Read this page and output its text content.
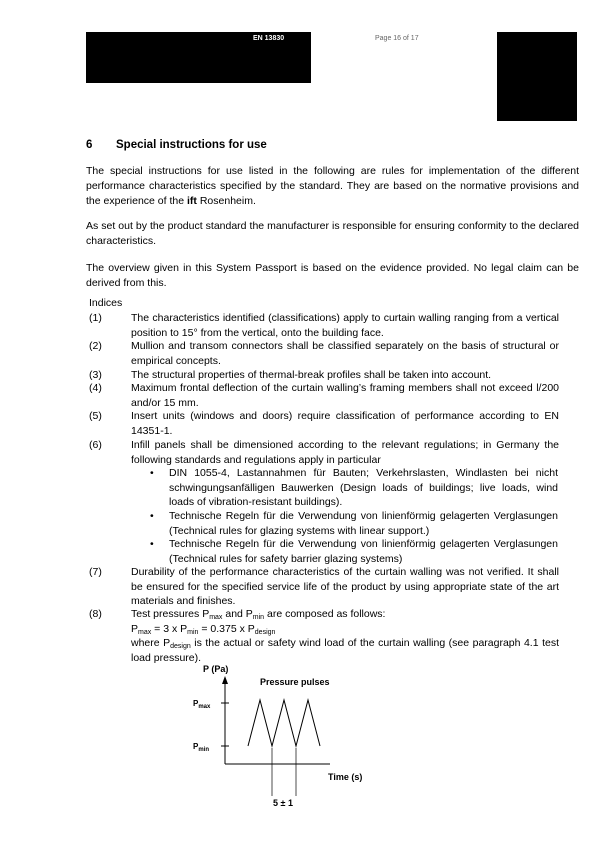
EN 13830	Page 16 of 17
6 Special instructions for use

The special instructions for use listed in the following are rules for implementation of the different performance characteristics specified by the standard. They are based on the normative provisions and the experience of the ift Rosenheim.

As set out by the product standard the manufacturer is responsible for ensuring conformity to the declared characteristics.

The overview given in this System Passport is based on the evidence provided. No legal claim can be derived from this.

Indices
(1)	The characteristics identified (classifications) apply to curtain walling ranging from a vertical position to 15° from the vertical, onto the building face.
(2)	Mullion and transom connectors shall be classified separately on the basis of structural or empirical concepts.
(3)	The structural properties of thermal-break profiles shall be taken into account.
(4)	Maximum frontal deflection of the curtain walling’s framing members shall not exceed l/200 and/or 15 mm.
(5)	Insert units (windows and doors) require classification of performance according to EN 14351-1.
(6)	Infill panels shall be dimensioned according to the relevant regulations; in Germany the following standards and regulations apply in particular
• DIN 1055-4, Lastannahmen für Bauten; Verkehrslasten, Windlasten bei nicht schwingungsanfälligen Bauwerken (Design loads of buildings; live loads, wind loads of vibration-resistant buildings).
• Technische Regeln für die Verwendung von linienförmig gelagerten Verglasungen (Technical rules for glazing systems with linear support.)
• Technische Regeln für die Verwendung von linienförmig gelagerten Verglasungen (Technical rules for safety barrier glazing systems)
(7)	Durability of the performance characteristics of the curtain walling was not verified. It shall be ensured for the specified service life of the product by using appropriate state of the art materials and finishes.
(8)	Test pressures $P_{max}$ and $P_{min}$ are composed as follows:
$P_{max} = 3$ x $P_{min} = 0.375$ x $P_{design}$
where $P_{design}$ is the actual or safety wind load of the curtain walling (see paragraph 4.1 test load pressure).
P (Pa)
Pressure pulses
$P_{max}$
$P_{min}$
Time (s)
5 ± 1
